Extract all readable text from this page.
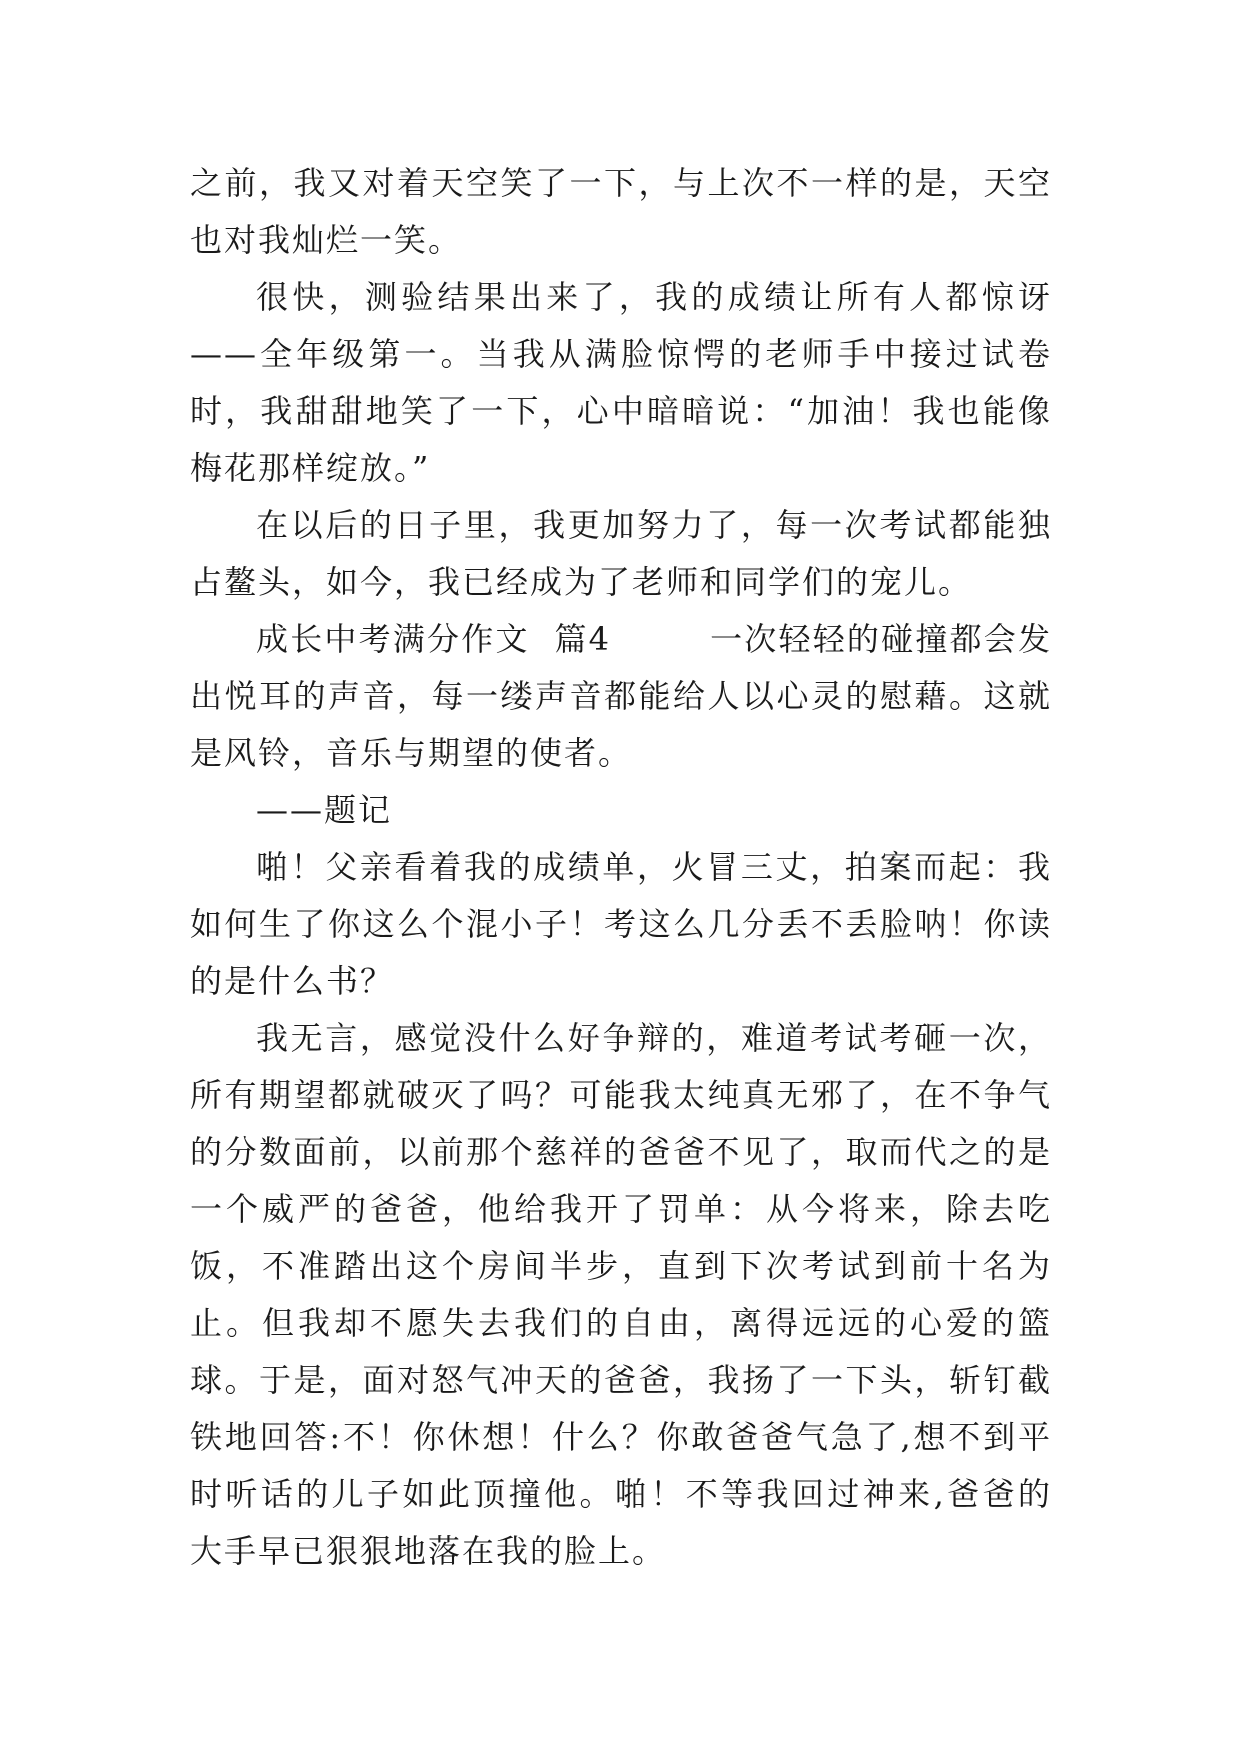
之前，我又对着天空笑了一下，与上次不一样的是，天空也对我灿烂一笑。

很快，测验结果出来了，我的成绩让所有人都惊讶——全年级第一。当我从满脸惊愕的老师手中接过试卷时，我甜甜地笑了一下，心中暗暗说：“加油！我也能像梅花那样绽放。”

在以后的日子里，我更加努力了，每一次考试都能独占鳌头，如今，我已经成为了老师和同学们的宠儿。

成长中考满分作文  篇4        一次轻轻的碰撞都会发出悦耳的声音，每一缕声音都能给人以心灵的慰藉。这就是风铃，音乐与期望的使者。

——题记

啪！父亲看着我的成绩单，火冒三丈，拍案而起：我如何生了你这么个混小子！考这么几分丢不丢脸呐！你读的是什么书？

我无言，感觉没什么好争辩的，难道考试考砸一次，所有期望都就破灭了吗？可能我太纯真无邪了，在不争气的分数面前，以前那个慈祥的爸爸不见了，取而代之的是一个威严的爸爸，他给我开了罚单：从今将来，除去吃饭，不准踏出这个房间半步，直到下次考试到前十名为止。但我却不愿失去我们的自由，离得远远的心爱的篮球。于是，面对怒气冲天的爸爸，我扬了一下头，斩钉截铁地回答:不！你休想！什么？你敢爸爸气急了,想不到平时听话的儿子如此顶撞他。啪！不等我回过神来,爸爸的大手早已狠狠地落在我的脸上。
